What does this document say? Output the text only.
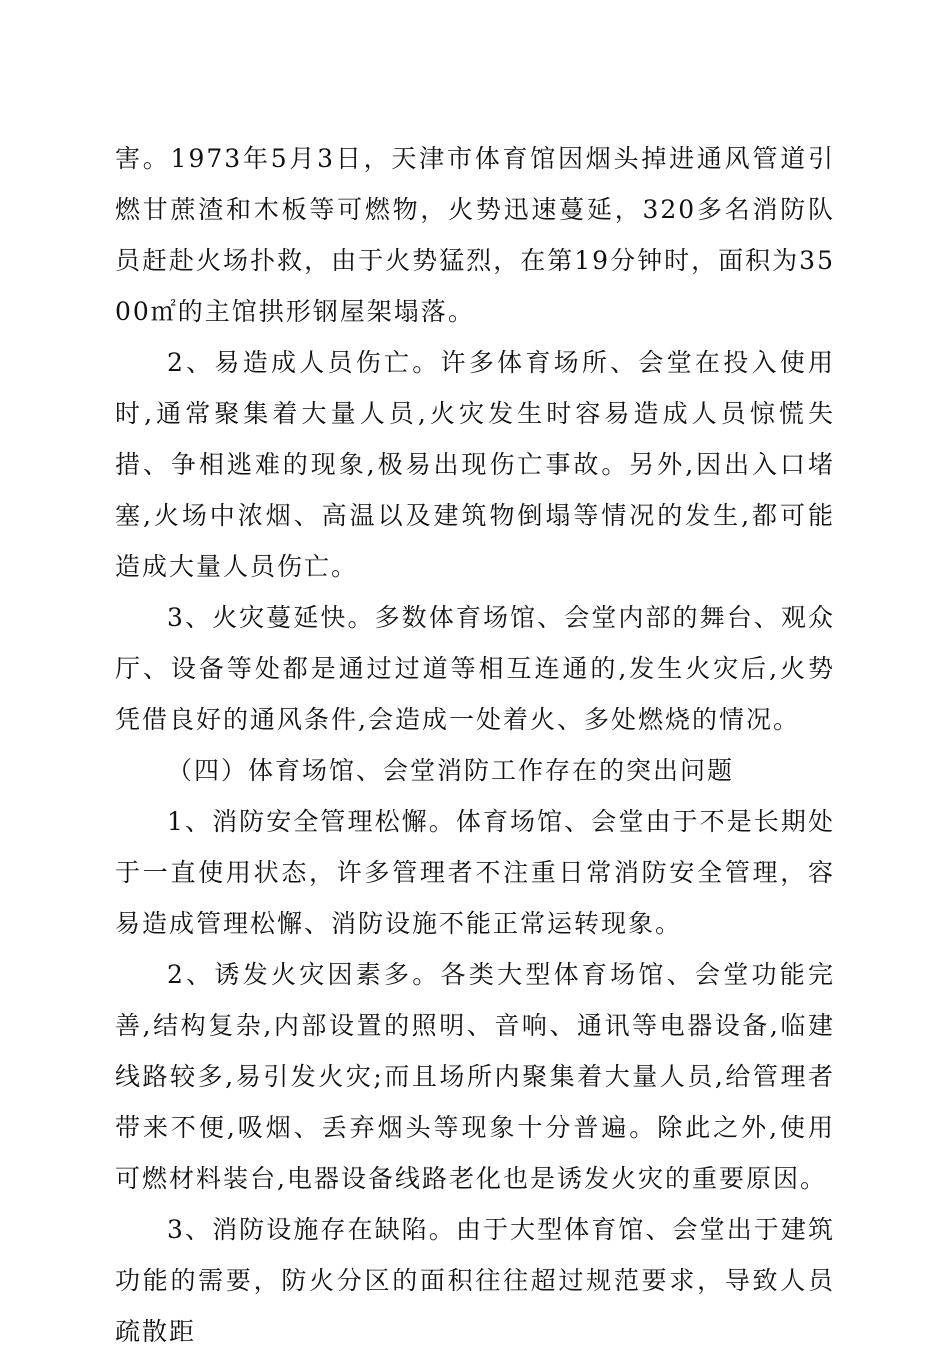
害。1973年5月3日，天津市体育馆因烟头掉进通风管道引燃甘蔗渣和木板等可燃物，火势迅速蔓延，320多名消防队员赶赴火场扑救，由于火势猛烈，在第19分钟时，面积为3500㎡的主馆拱形钢屋架塌落。

2、易造成人员伤亡。许多体育场所、会堂在投入使用时,通常聚集着大量人员,火灾发生时容易造成人员惊慌失措、争相逃难的现象,极易出现伤亡事故。另外,因出入口堵塞,火场中浓烟、高温以及建筑物倒塌等情况的发生,都可能造成大量人员伤亡。

3、火灾蔓延快。多数体育场馆、会堂内部的舞台、观众厅、设备等处都是通过过道等相互连通的,发生火灾后,火势凭借良好的通风条件,会造成一处着火、多处燃烧的情况。

（四）体育场馆、会堂消防工作存在的突出问题

1、消防安全管理松懈。体育场馆、会堂由于不是长期处于一直使用状态，许多管理者不注重日常消防安全管理，容易造成管理松懈、消防设施不能正常运转现象。

2、诱发火灾因素多。各类大型体育场馆、会堂功能完善,结构复杂,内部设置的照明、音响、通讯等电器设备,临建线路较多,易引发火灾;而且场所内聚集着大量人员,给管理者带来不便,吸烟、丢弃烟头等现象十分普遍。除此之外,使用可燃材料装台,电器设备线路老化也是诱发火灾的重要原因。

3、消防设施存在缺陷。由于大型体育馆、会堂出于建筑功能的需要，防火分区的面积往往超过规范要求，导致人员疏散距
